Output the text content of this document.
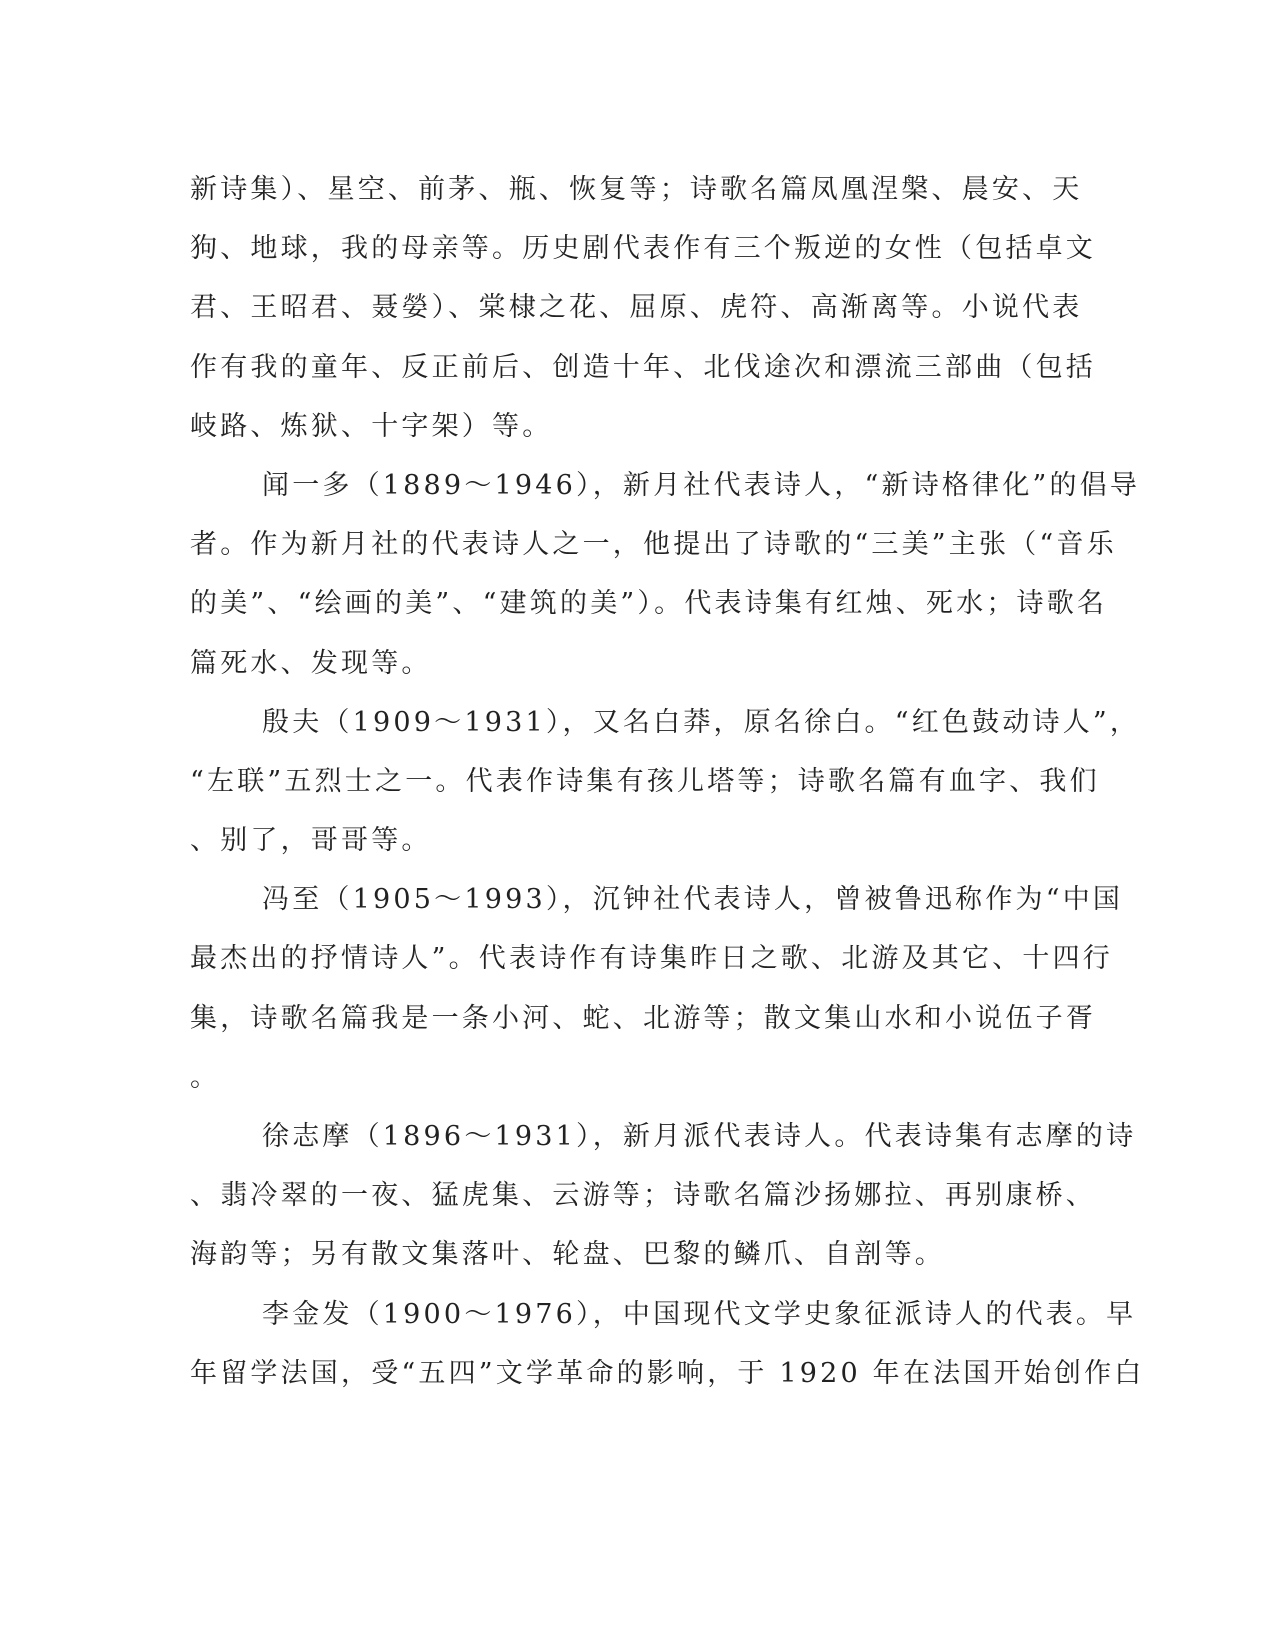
新诗集）、星空、前茅、瓶、恢复等；诗歌名篇凤凰涅槃、晨安、天
狗、地球，我的母亲等。历史剧代表作有三个叛逆的女性（包括卓文
君、王昭君、聂嫈）、棠棣之花、屈原、虎符、高渐离等。小说代表
作有我的童年、反正前后、创造十年、北伐途次和漂流三部曲（包括
岐路、炼狱、十字架）等。
闻一多（1889～1946），新月社代表诗人，“新诗格律化”的倡导
者。作为新月社的代表诗人之一，他提出了诗歌的“三美”主张（“音乐
的美”、“绘画的美”、“建筑的美”）。代表诗集有红烛、死水；诗歌名
篇死水、发现等。
殷夫（1909～1931），又名白莽，原名徐白。“红色鼓动诗人”，
“左联”五烈士之一。代表作诗集有孩儿塔等；诗歌名篇有血字、我们
、别了，哥哥等。
冯至（1905～1993），沉钟社代表诗人，曾被鲁迅称作为“中国
最杰出的抒情诗人”。代表诗作有诗集昨日之歌、北游及其它、十四行
集，诗歌名篇我是一条小河、蛇、北游等；散文集山水和小说伍子胥
。
徐志摩（1896～1931），新月派代表诗人。代表诗集有志摩的诗
、翡冷翠的一夜、猛虎集、云游等；诗歌名篇沙扬娜拉、再别康桥、
海韵等；另有散文集落叶、轮盘、巴黎的鳞爪、自剖等。
李金发（1900～1976），中国现代文学史象征派诗人的代表。早
年留学法国，受“五四”文学革命的影响，于 1920 年在法国开始创作白
